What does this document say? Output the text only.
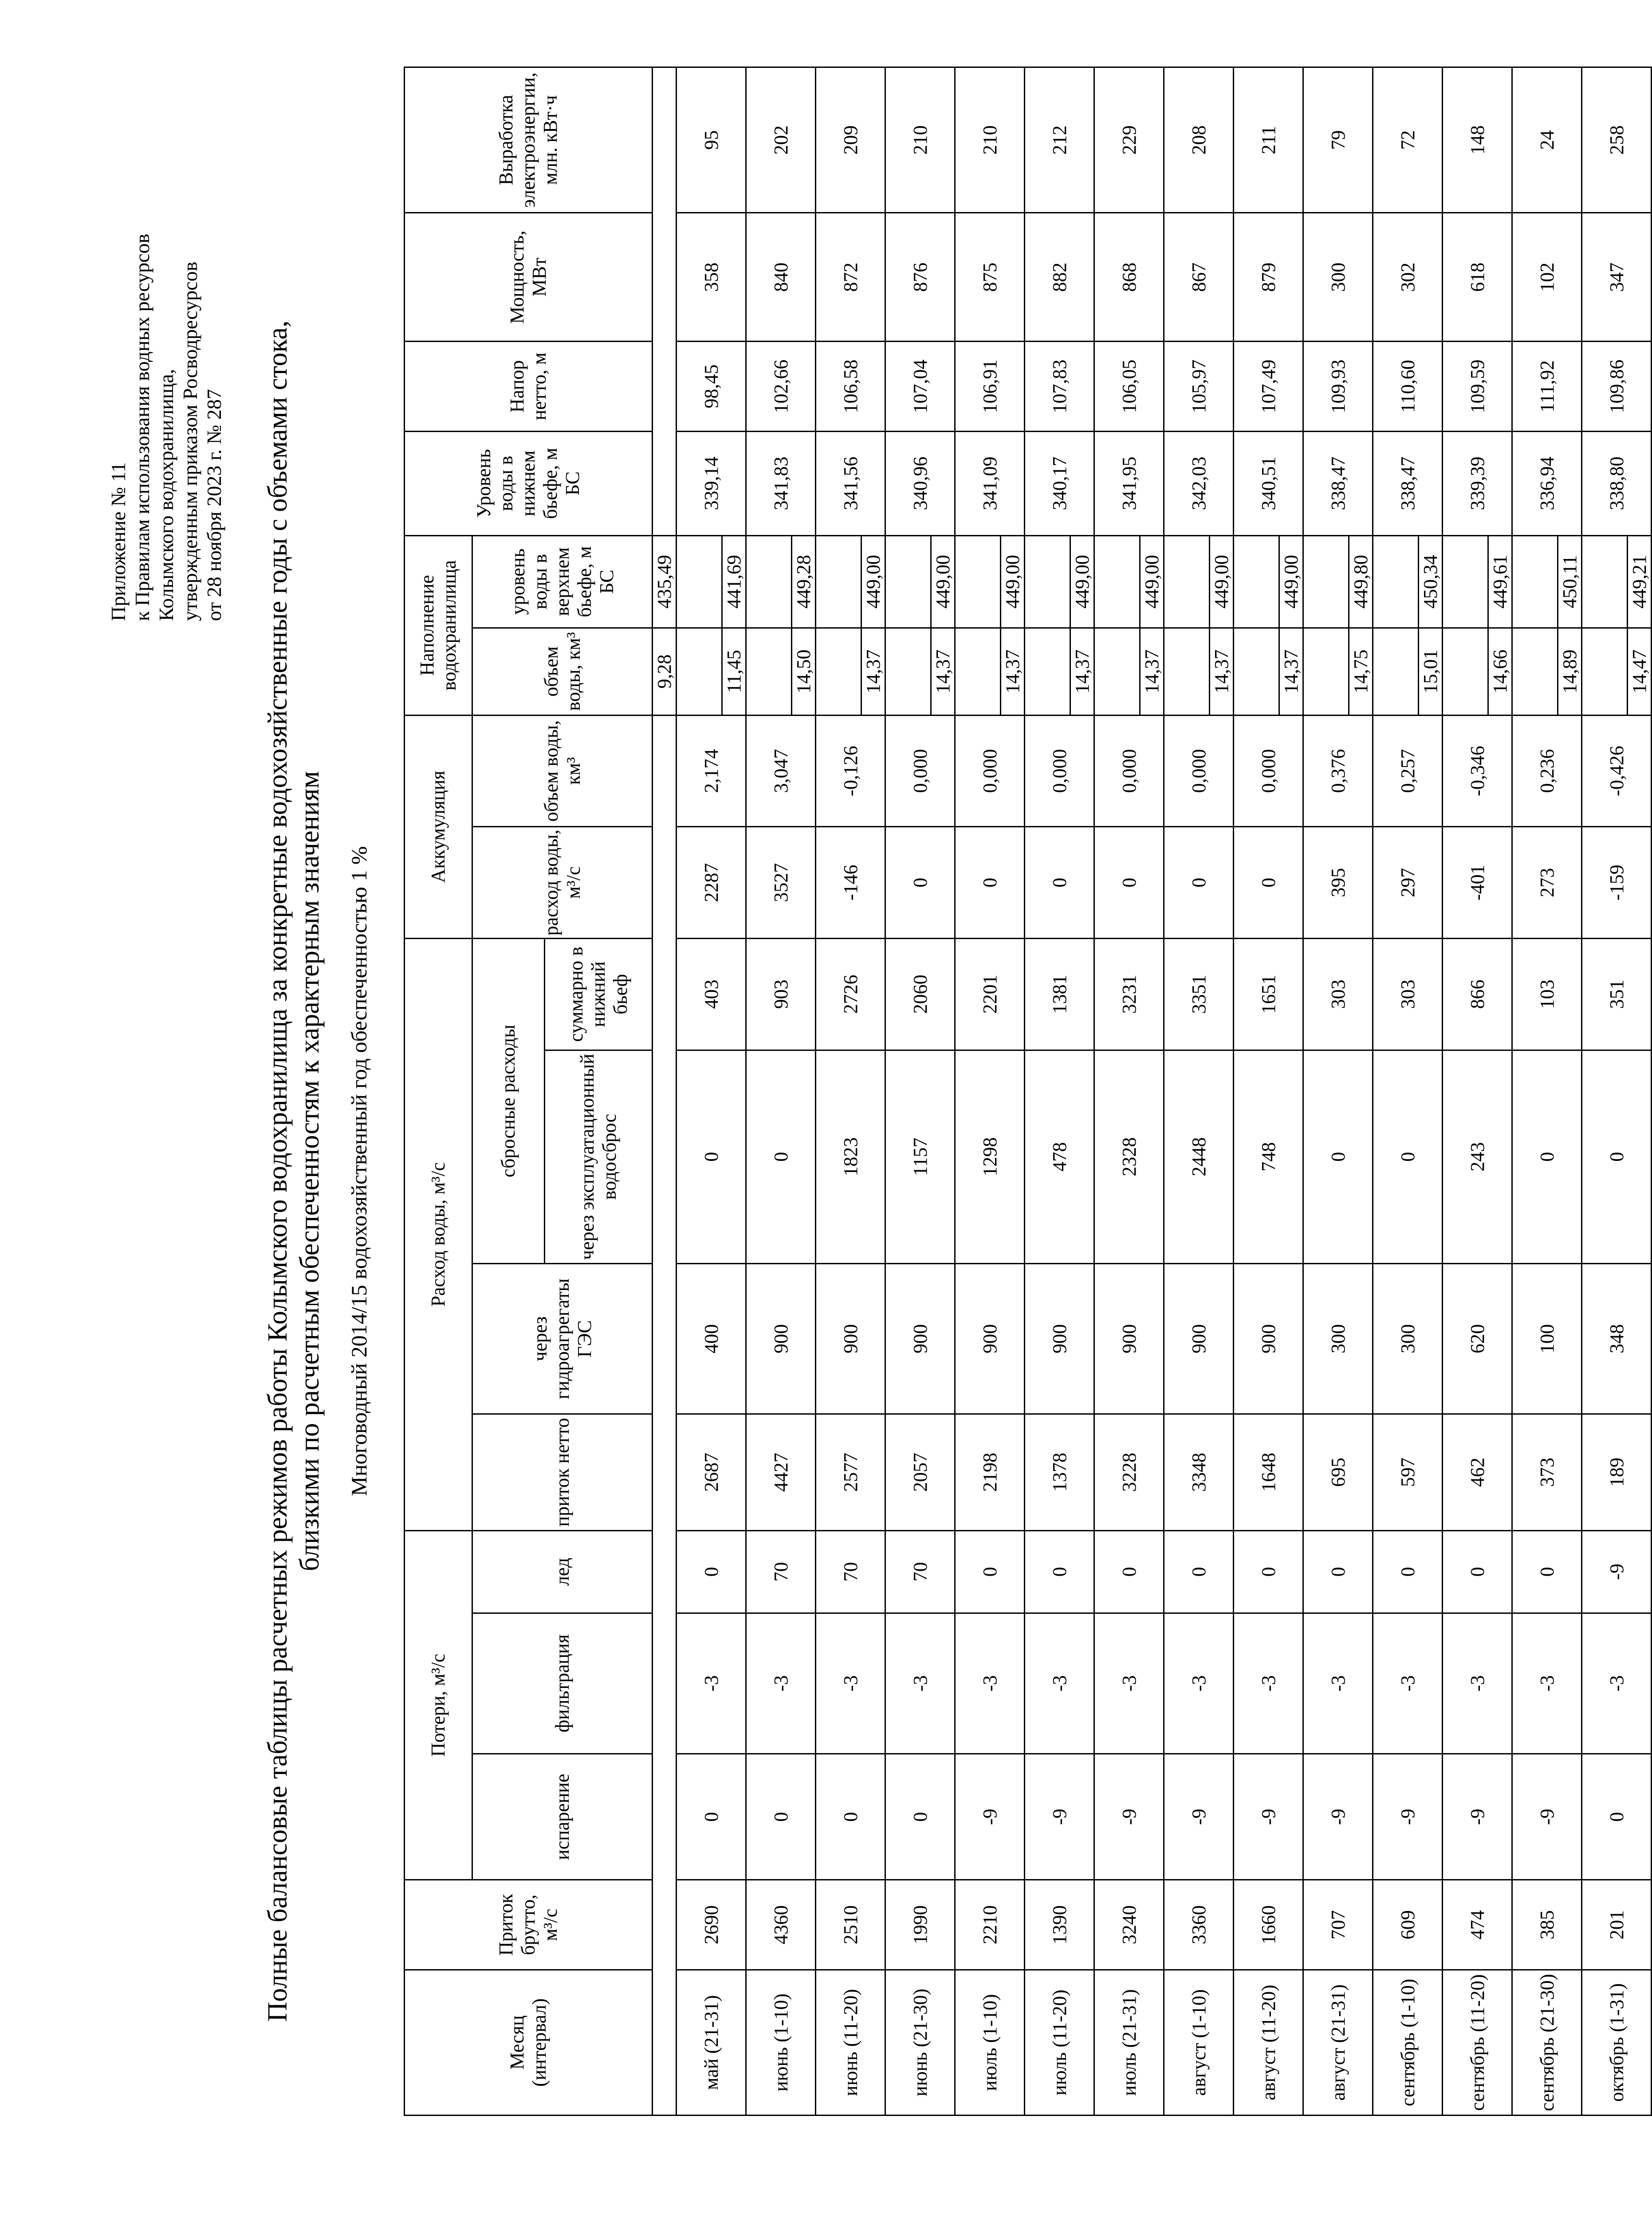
Приложение № 11 к Правилам использования водных ресурсов Колымского водохранилища, утвержденным приказом Росводресурсов от 28 ноября 2023 г. № 287 Полные балансовые таблицы расчетных режимов работы Колымского водохранилища за конкретные водохозяйственные годы с объемами стока, близкими по расчетным обеспеченностям к характерным значениям Многоводный 2014/15 водохозяйственный год обеспеченностью 1 %
Месяц (интервал)	Приток брутто, м³/с	Потери, м³/с			Расход воды, м³/с				Аккумуляция		Наполнение водохранилища		Уровень воды в нижнем бьефе, м БС	Напор нетто, м	Мощность, МВт	Выработка электроэнергии, млн. кВт·ч
		испарение	фильтрация	лед	приток нетто	через гидроагрегаты ГЭС	сбросные расходы		расход воды, м³/с	объем воды, км³	объем воды, км³	уровень воды в верхнем бьефе, м БС				
							через эксплуатационный водосброс	суммарно в нижний бьеф								
											9,28	435,49				
май (21-31)	2690	0	-3	0	2687	400	0	403	2287	2,174			339,14	98,45	358	95
											11,45	441,69				
июнь (1-10)	4360	0	-3	70	4427	900	0	903	3527	3,047			341,83	102,66	840	202
											14,50	449,28				
июнь (11-20)	2510	0	-3	70	2577	900	1823	2726	-146	-0,126			341,56	106,58	872	209
											14,37	449,00				
июнь (21-30)	1990	0	-3	70	2057	900	1157	2060	0	0,000			340,96	107,04	876	210
											14,37	449,00				
июль (1-10)	2210	-9	-3	0	2198	900	1298	2201	0	0,000			341,09	106,91	875	210
											14,37	449,00				
июль (11-20)	1390	-9	-3	0	1378	900	478	1381	0	0,000			340,17	107,83	882	212
											14,37	449,00				
июль (21-31)	3240	-9	-3	0	3228	900	2328	3231	0	0,000			341,95	106,05	868	229
											14,37	449,00				
август (1-10)	3360	-9	-3	0	3348	900	2448	3351	0	0,000			342,03	105,97	867	208
											14,37	449,00				
август (11-20)	1660	-9	-3	0	1648	900	748	1651	0	0,000			340,51	107,49	879	211
											14,37	449,00				
август (21-31)	707	-9	-3	0	695	300	0	303	395	0,376			338,47	109,93	300	79
											14,75	449,80				
сентябрь (1-10)	609	-9	-3	0	597	300	0	303	297	0,257			338,47	110,60	302	72
											15,01	450,34				
сентябрь (11-20)	474	-9	-3	0	462	620	243	866	-401	-0,346			339,39	109,59	618	148
											14,66	449,61				
сентябрь (21-30)	385	-9	-3	0	373	100	0	103	273	0,236			336,94	111,92	102	24
											14,89	450,11				
октябрь (1-31)	201	0	-3	-9	189	348	0	351	-159	-0,426			338,80	109,86	347	258
											14,47	449,21				
